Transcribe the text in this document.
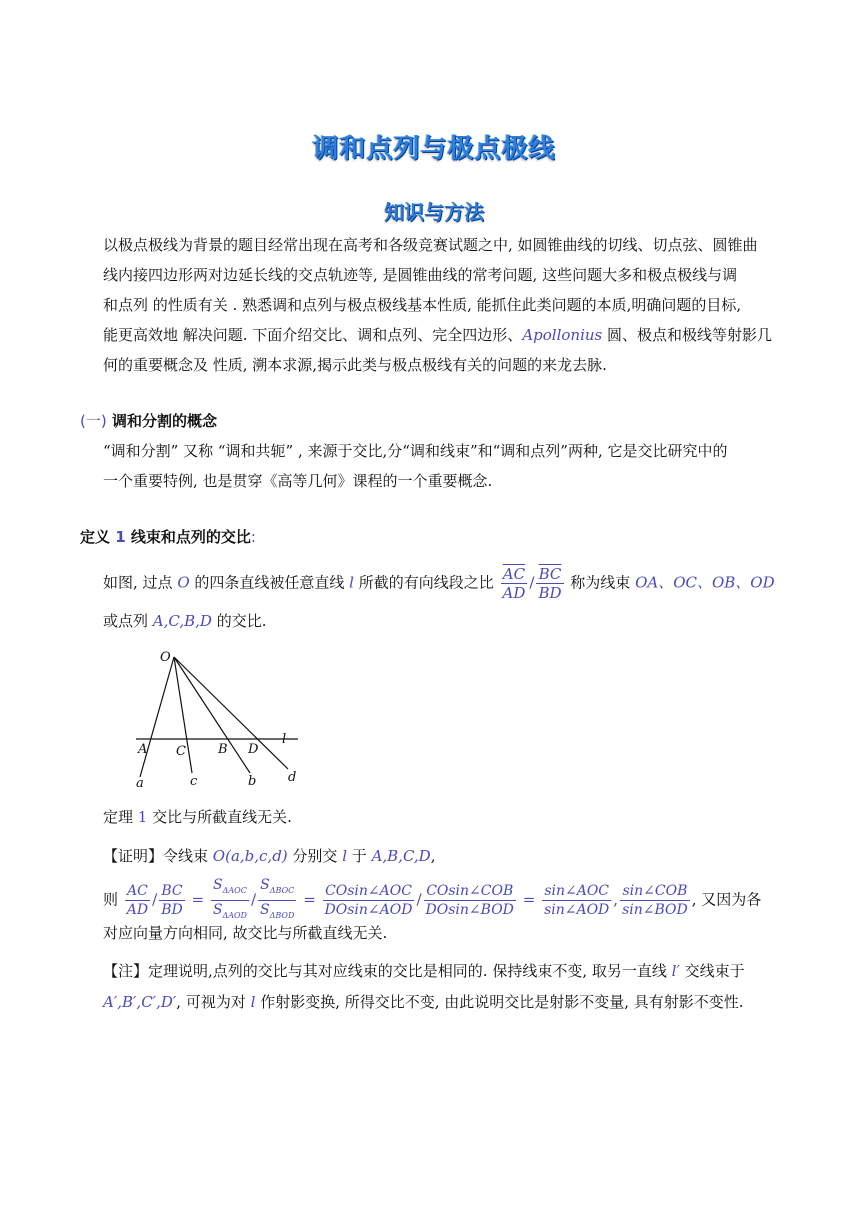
调和点列与极点极线
知识与方法
以极点极线为背景的题目经常出现在高考和各级竞赛试题之中, 如圆锥曲线的切线、切点弦、圆锥曲
线内接四边形两对边延长线的交点轨迹等, 是圆锥曲线的常考问题, 这些问题大多和极点极线与调
和点列 的性质有关 . 熟悉调和点列与极点极线基本性质, 能抓住此类问题的本质,明确问题的目标,
能更高效地 解决问题. 下面介绍交比、调和点列、完全四边形、Apollonius 圆、极点和极线等射影几
何的重要概念及 性质, 溯本求源,揭示此类与极点极线有关的问题的来龙去脉.
(一) 调和分割的概念
“调和分割” 又称 “调和共轭” , 来源于交比,分“调和线束”和“调和点列”两种, 它是交比研究中的
一个重要特例, 也是贯穿《高等几何》课程的一个重要概念.
定义 1 线束和点列的交比:
如图, 过点 O 的四条直线被任意直线 l 所截的有向线段之比 $\frac{\overline{AC}}{AD} / \frac{\overline{BC}}{BD}$ 称为线束 OA、OC、OB、OD
或点列 A,C,B,D 的交比.
O
l
A C B D
a	c	b d
定理 1 交比与所截直线无关.
【证明】令线束 O(a,b,c,d) 分别交 l 于 A,B,C,D,
则 $\frac{AC}{AD} / \frac{BC}{BD} = \frac{S_{\Delta AOC}}{S_{\Delta AOD}} / \frac{S_{\Delta BOC}}{S_{\Delta BOD}} = \frac{\text{COsin∠AOC}}{\text{DOsin∠AOD}} / \frac{\text{COsin∠COB}}{\text{DOsin∠BOD}} = \frac{\text{sin∠AOC}}{\text{sin∠AOD}}$ , $\frac{\text{sin∠COB}}{\text{sin∠BOD}}$ , 又因为各
对应向量方向相同, 故交比与所截直线无关.
【注】定理说明,点列的交比与其对应线束的交比是相同的. 保持线束不变, 取另一直线 l′ 交线束于
A′,B′,C′,D′, 可视为对 l 作射影变换, 所得交比不变, 由此说明交比是射影不变量, 具有射影不变性.
